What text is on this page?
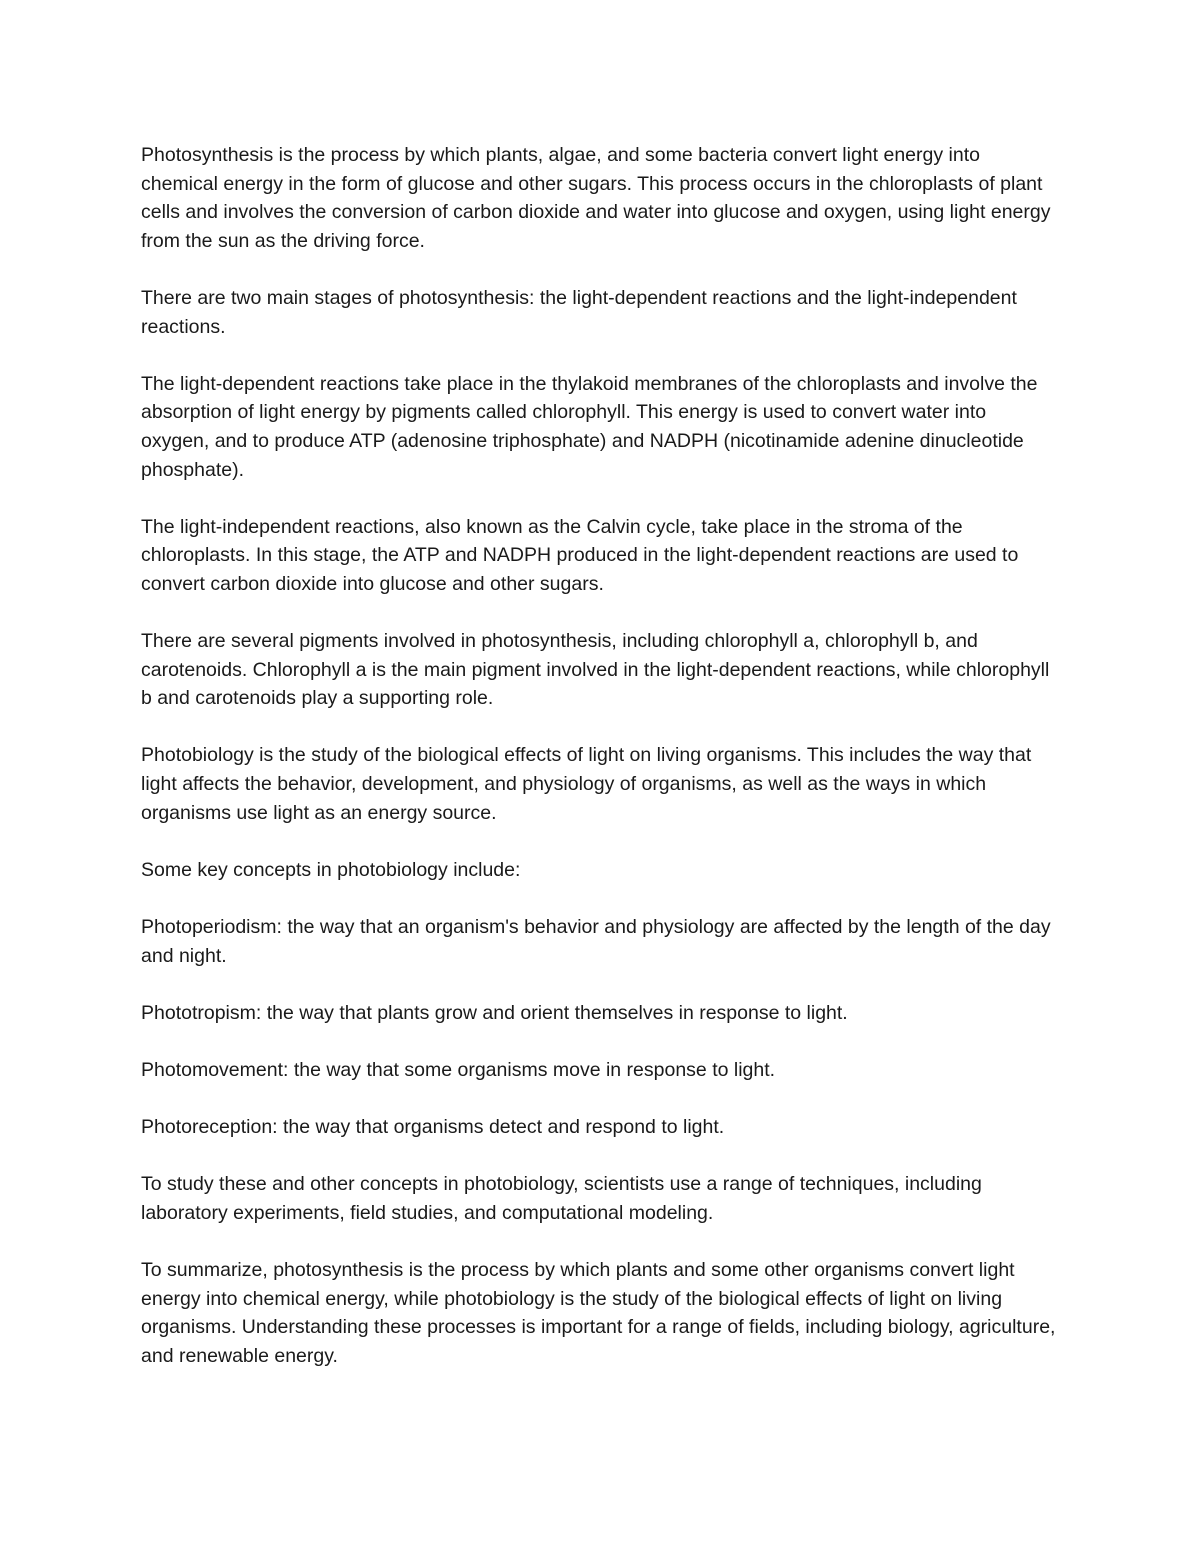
Photosynthesis is the process by which plants, algae, and some bacteria convert light energy into chemical energy in the form of glucose and other sugars. This process occurs in the chloroplasts of plant cells and involves the conversion of carbon dioxide and water into glucose and oxygen, using light energy from the sun as the driving force.

There are two main stages of photosynthesis: the light-dependent reactions and the light-independent reactions.

The light-dependent reactions take place in the thylakoid membranes of the chloroplasts and involve the absorption of light energy by pigments called chlorophyll. This energy is used to convert water into oxygen, and to produce ATP (adenosine triphosphate) and NADPH (nicotinamide adenine dinucleotide phosphate).

The light-independent reactions, also known as the Calvin cycle, take place in the stroma of the chloroplasts. In this stage, the ATP and NADPH produced in the light-dependent reactions are used to convert carbon dioxide into glucose and other sugars.

There are several pigments involved in photosynthesis, including chlorophyll a, chlorophyll b, and carotenoids. Chlorophyll a is the main pigment involved in the light-dependent reactions, while chlorophyll b and carotenoids play a supporting role.

Photobiology is the study of the biological effects of light on living organisms. This includes the way that light affects the behavior, development, and physiology of organisms, as well as the ways in which organisms use light as an energy source.

Some key concepts in photobiology include:

Photoperiodism: the way that an organism's behavior and physiology are affected by the length of the day and night.

Phototropism: the way that plants grow and orient themselves in response to light.

Photomovement: the way that some organisms move in response to light.

Photoreception: the way that organisms detect and respond to light.

To study these and other concepts in photobiology, scientists use a range of techniques, including laboratory experiments, field studies, and computational modeling.

To summarize, photosynthesis is the process by which plants and some other organisms convert light energy into chemical energy, while photobiology is the study of the biological effects of light on living organisms. Understanding these processes is important for a range of fields, including biology, agriculture, and renewable energy.
